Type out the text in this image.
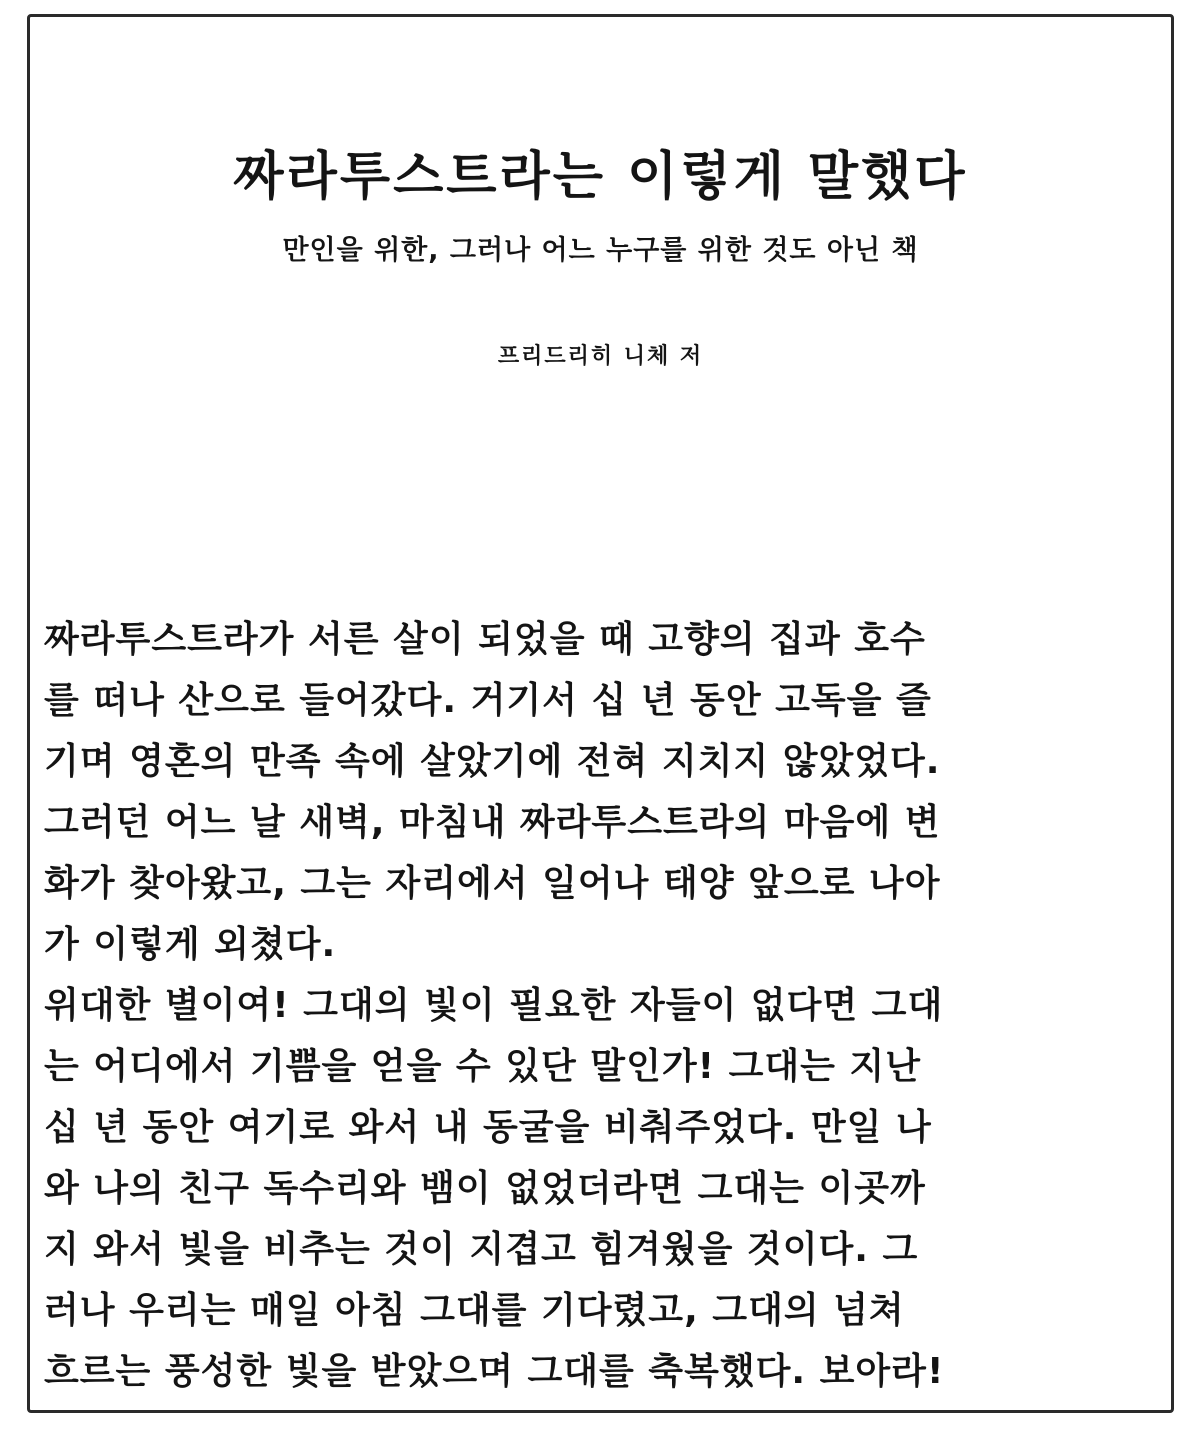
짜라투스트라는 이렇게 말했다
만인을 위한, 그러나 어느 누구를 위한 것도 아닌 책
프리드리히 니체 저
짜라투스트라가 서른 살이 되었을 때 고향의 집과 호수
를 떠나 산으로 들어갔다. 거기서 십 년 동안 고독을 즐
기며 영혼의 만족 속에 살았기에 전혀 지치지 않았었다.
그러던 어느 날 새벽, 마침내 짜라투스트라의 마음에 변
화가 찾아왔고, 그는 자리에서 일어나 태양 앞으로 나아
가 이렇게 외쳤다.
위대한 별이여! 그대의 빛이 필요한 자들이 없다면 그대
는 어디에서 기쁨을 얻을 수 있단 말인가! 그대는 지난
십 년 동안 여기로 와서 내 동굴을 비춰주었다. 만일 나
와 나의 친구 독수리와 뱀이 없었더라면 그대는 이곳까
지 와서 빛을 비추는 것이 지겹고 힘겨웠을 것이다. 그
러나 우리는 매일 아침 그대를 기다렸고, 그대의 넘쳐
흐르는 풍성한 빛을 받았으며 그대를 축복했다. 보아라!
